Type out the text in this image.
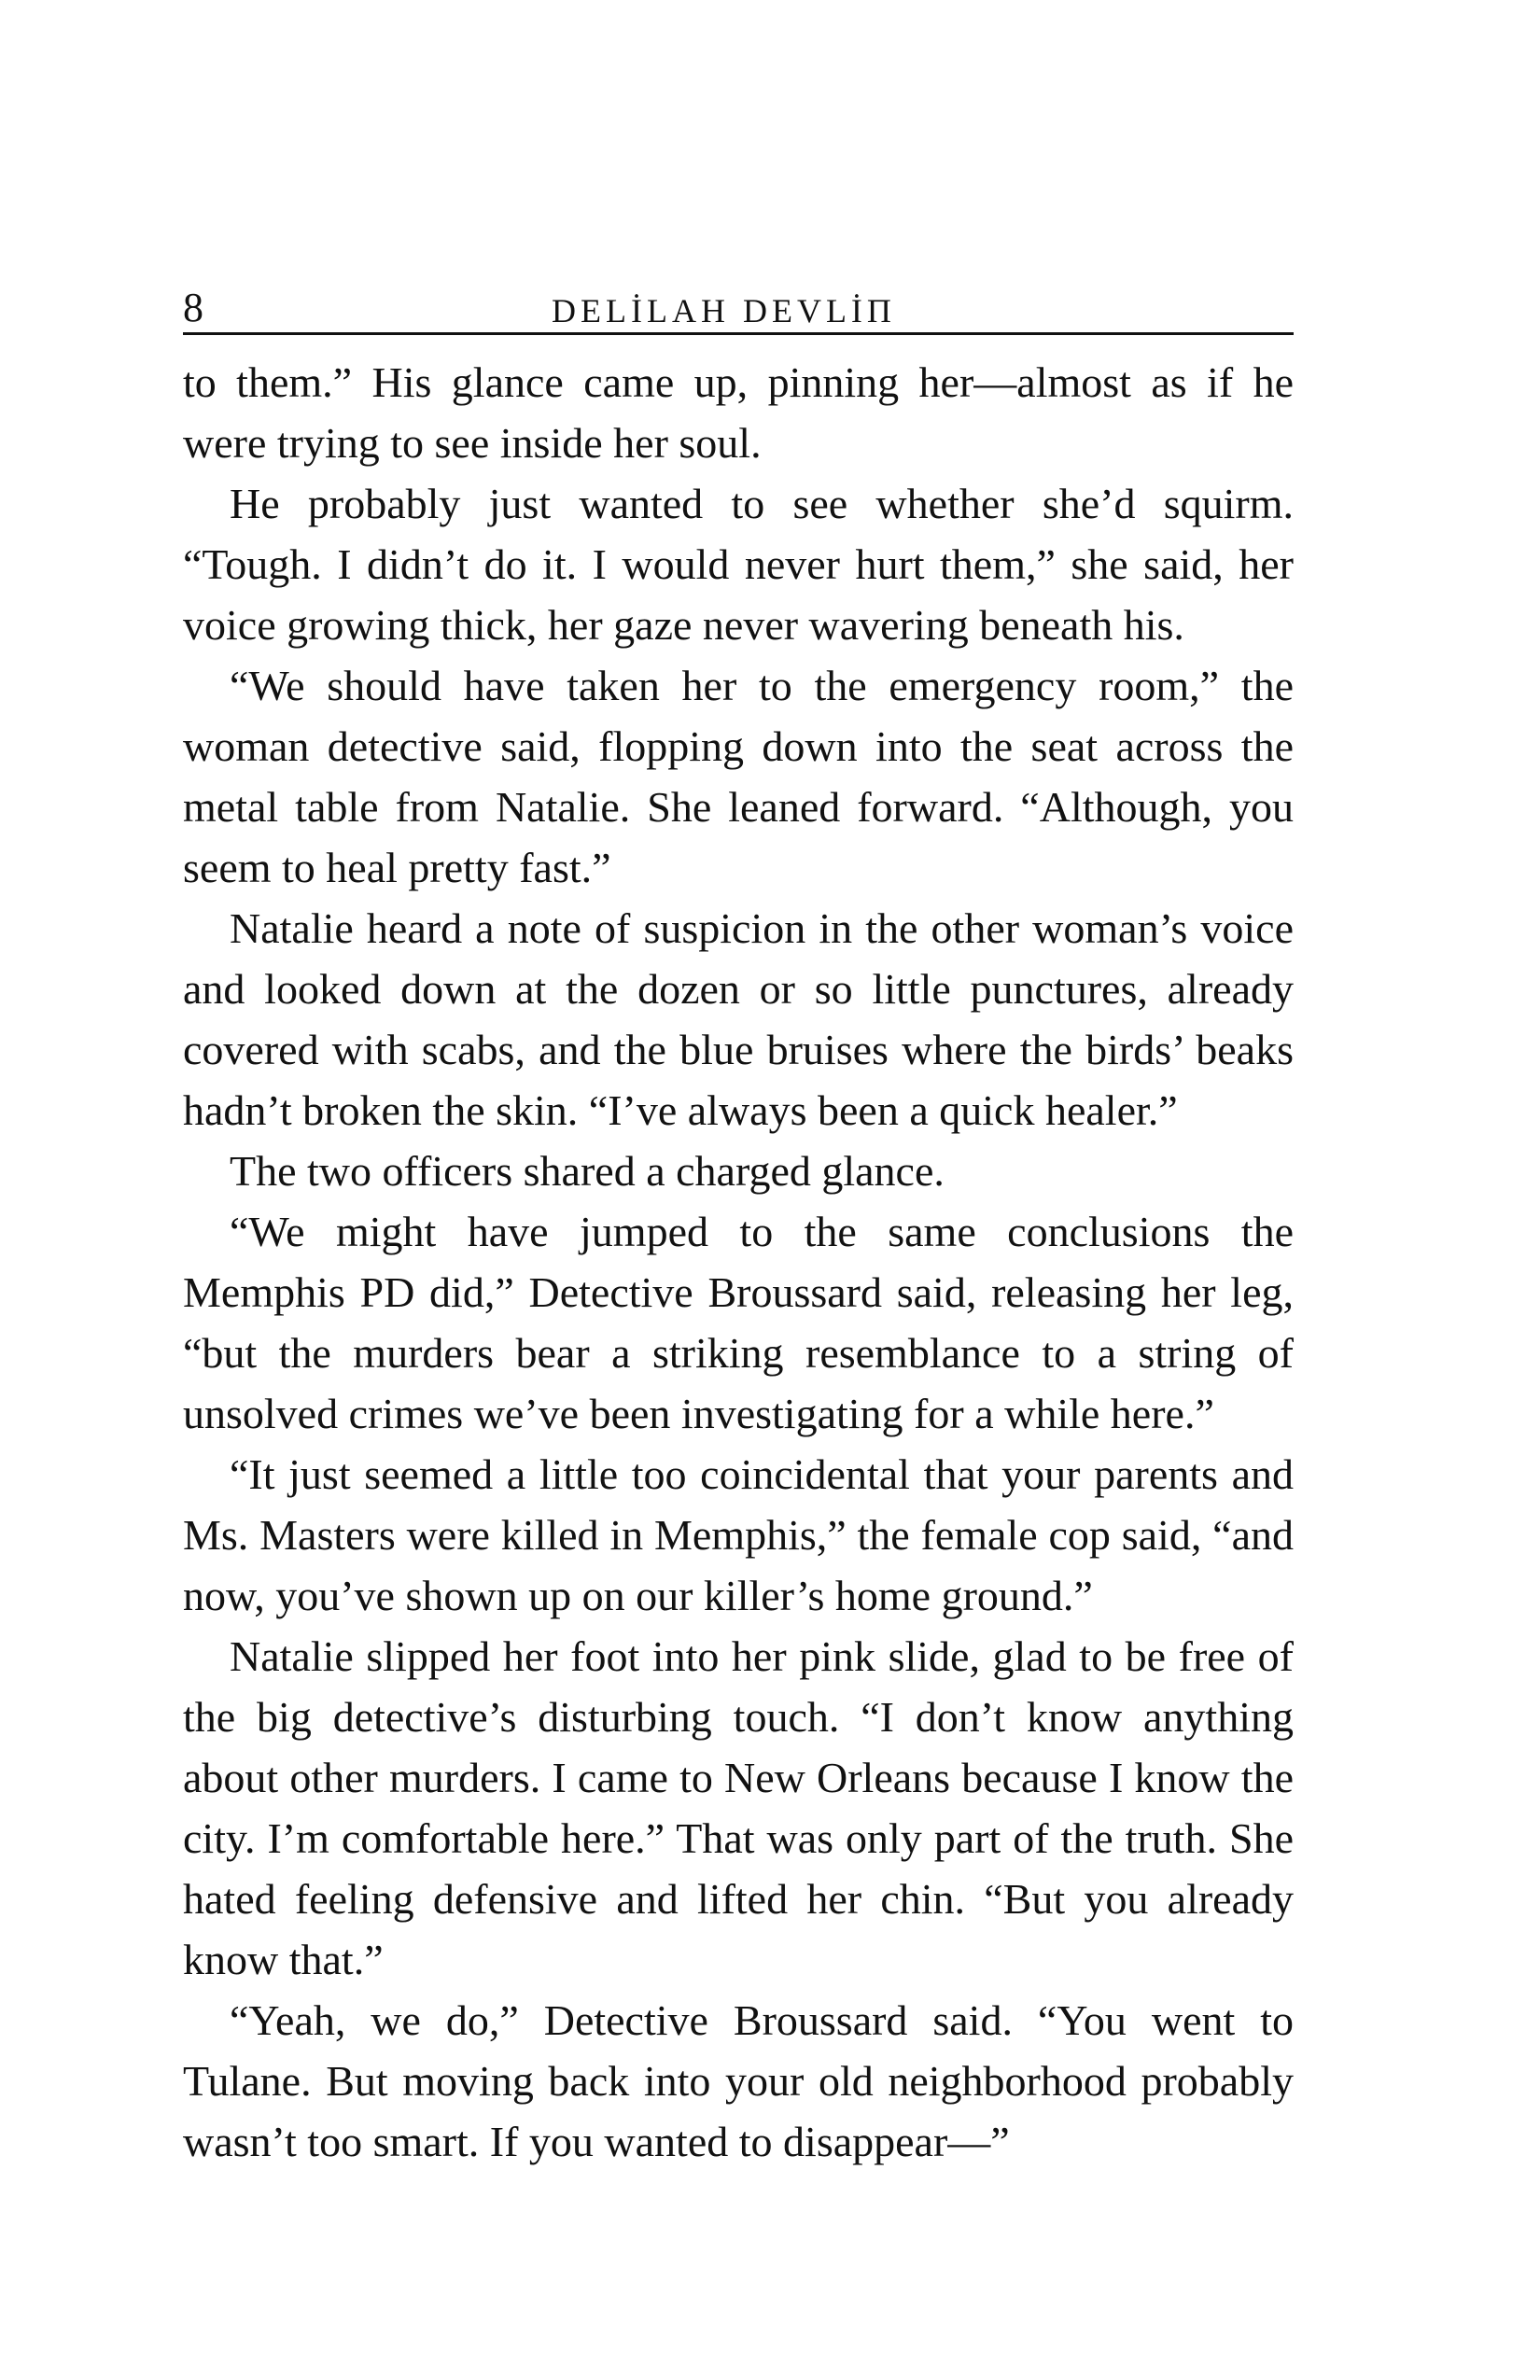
8	DELİLAH DEVLİП

to them.” His glance came up, pinning her—almost as if he were trying to see inside her soul.

He probably just wanted to see whether she’d squirm. “Tough. I didn’t do it. I would never hurt them,” she said, her voice growing thick, her gaze never wavering beneath his.

“We should have taken her to the emergency room,” the woman detective said, flopping down into the seat across the metal table from Natalie. She leaned forward. “Although, you seem to heal pretty fast.”

Natalie heard a note of suspicion in the other woman’s voice and looked down at the dozen or so little punctures, already covered with scabs, and the blue bruises where the birds’ beaks hadn’t broken the skin. “I’ve always been a quick healer.”

The two officers shared a charged glance.

“We might have jumped to the same conclusions the Memphis PD did,” Detective Broussard said, releasing her leg, “but the murders bear a striking resemblance to a string of unsolved crimes we’ve been investigating for a while here.”

“It just seemed a little too coincidental that your parents and Ms. Masters were killed in Memphis,” the female cop said, “and now, you’ve shown up on our killer’s home ground.”

Natalie slipped her foot into her pink slide, glad to be free of the big detective’s disturbing touch. “I don’t know anything about other murders. I came to New Orleans because I know the city. I’m comfortable here.” That was only part of the truth. She hated feeling defensive and lifted her chin. “But you already know that.”

“Yeah, we do,” Detective Broussard said. “You went to Tulane. But moving back into your old neighborhood probably wasn’t too smart. If you wanted to disappear—”
